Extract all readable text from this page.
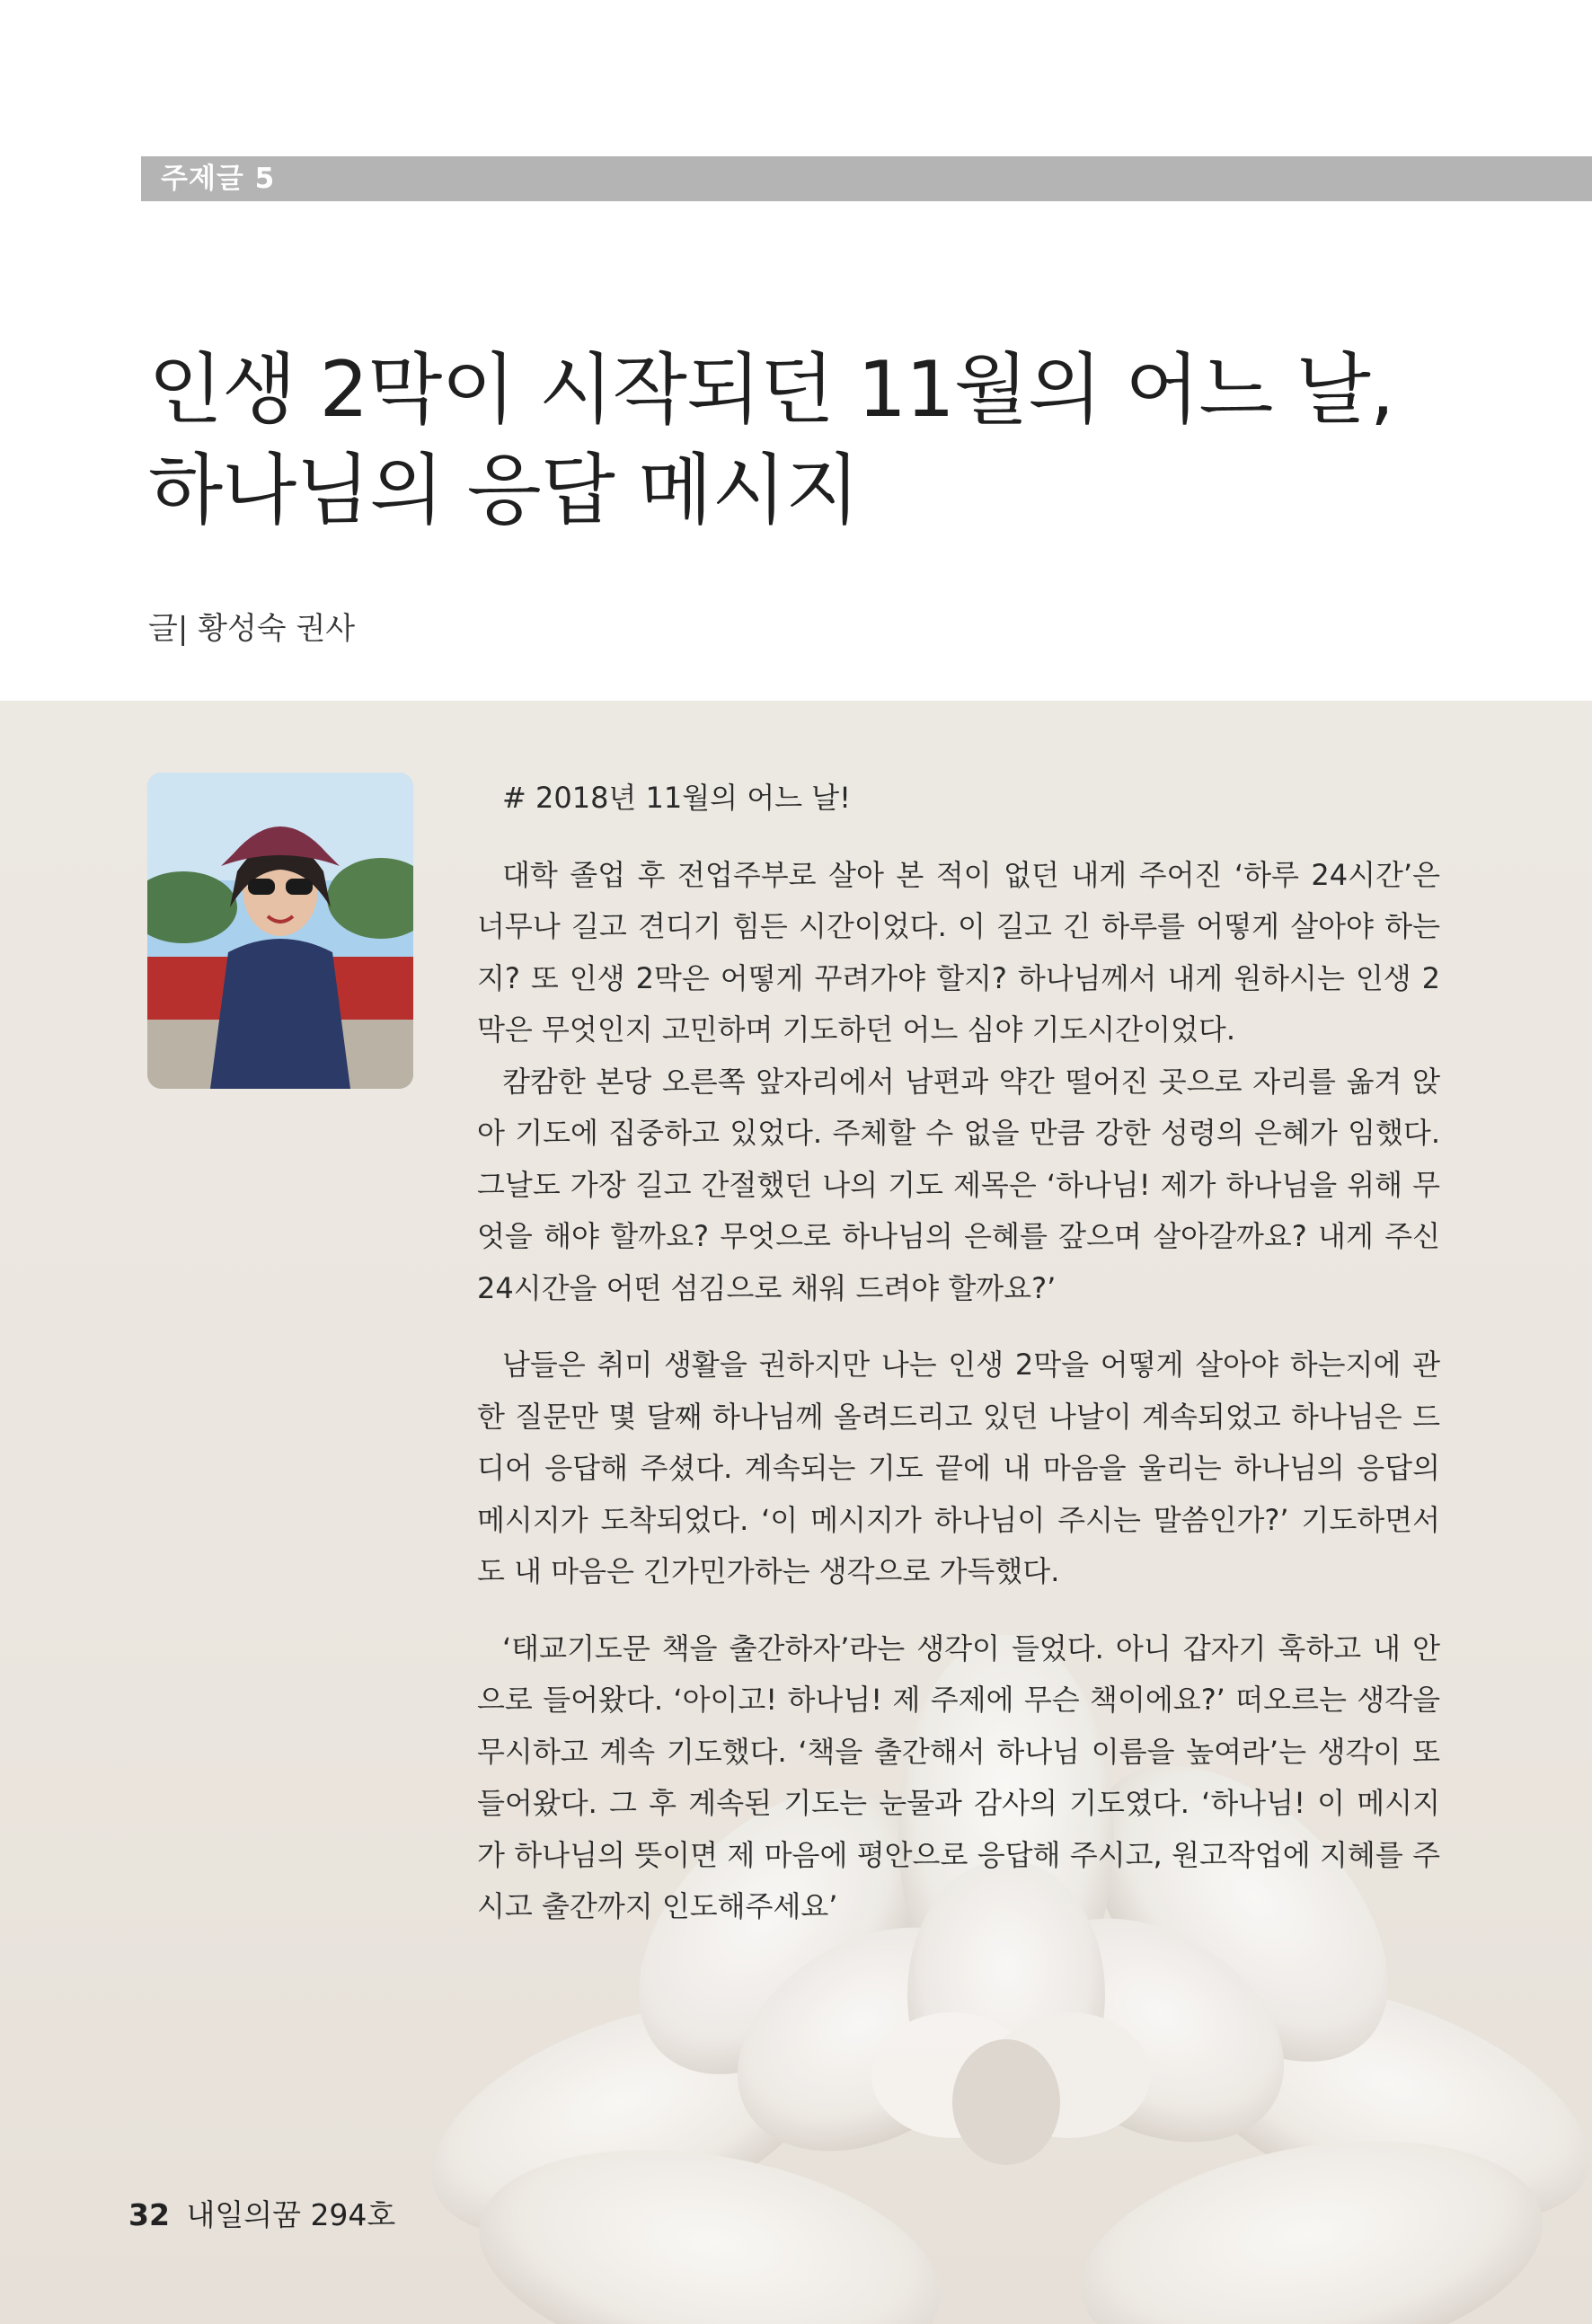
주제글 5
인생 2막이 시작되던 11월의 어느 날,
하나님의 응답 메시지
글| 황성숙 권사

# 2018년 11월의 어느 날!

대학 졸업 후 전업주부로 살아 본 적이 없던 내게 주어진 ‘하루 24시간’은 너무나 길고 견디기 힘든 시간이었다. 이 길고 긴 하루를 어떻게 살아야 하는지? 또 인생 2막은 어떻게 꾸려가야 할지? 하나님께서 내게 원하시는 인생 2막은 무엇인지 고민하며 기도하던 어느 심야 기도시간이었다.

캄캄한 본당 오른쪽 앞자리에서 남편과 약간 떨어진 곳으로 자리를 옮겨 앉아 기도에 집중하고 있었다. 주체할 수 없을 만큼 강한 성령의 은혜가 임했다. 그날도 가장 길고 간절했던 나의 기도 제목은 ‘하나님! 제가 하나님을 위해 무엇을 해야 할까요? 무엇으로 하나님의 은혜를 갚으며 살아갈까요? 내게 주신 24시간을 어떤 섬김으로 채워 드려야 할까요?’

남들은 취미 생활을 권하지만 나는 인생 2막을 어떻게 살아야 하는지에 관한 질문만 몇 달째 하나님께 올려드리고 있던 나날이 계속되었고 하나님은 드디어 응답해 주셨다. 계속되는 기도 끝에 내 마음을 울리는 하나님의 응답의 메시지가 도착되었다. ‘이 메시지가 하나님이 주시는 말씀인가?’ 기도하면서도 내 마음은 긴가민가하는 생각으로 가득했다.

‘태교기도문 책을 출간하자’라는 생각이 들었다. 아니 갑자기 훅하고 내 안으로 들어왔다. ‘아이고! 하나님! 제 주제에 무슨 책이에요?’ 떠오르는 생각을 무시하고 계속 기도했다. ‘책을 출간해서 하나님 이름을 높여라’는 생각이 또 들어왔다. 그 후 계속된 기도는 눈물과 감사의 기도였다. ‘하나님! 이 메시지가 하나님의 뜻이면 제 마음에 평안으로 응답해 주시고, 원고작업에 지혜를 주시고 출간까지 인도해주세요’

32 내일의꿈 294호
